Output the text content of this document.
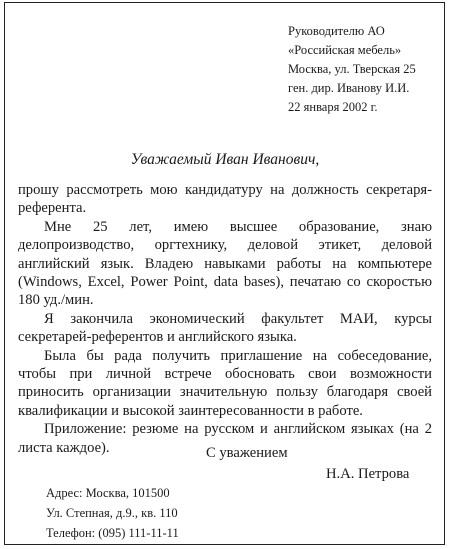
Руководителю АО
«Российская мебель»
Москва, ул. Тверская 25
ген. дир. Иванову И.И.
22 января 2002 г.
Уважаемый Иван Иванович,

прошу рассмотреть мою кандидатуру на должность секретаря-референта.

Мне 25 лет, имею высшее образование, знаю делопроизводство, оргтехнику, деловой этикет, деловой английский язык. Владею навыками работы на компьютере (Windows, Excel, Power Point, data bases), печатаю со скоростью 180 уд./мин.

Я закончила экономический факультет МАИ, курсы секретарей-референтов и английского языка.

Была бы рада получить приглашение на собеседование, чтобы при личной встрече обосновать свои возможности приносить организации значительную пользу благодаря своей квалификации и высокой заинтересованности в работе.

Приложение: резюме на русском и английском языках (на 2 листа каждое).	С уважением
Н.А. Петрова
Адрес: Москва, 101500
Ул. Степная, д.9., кв. 110
Телефон: (095) 111-11-11
